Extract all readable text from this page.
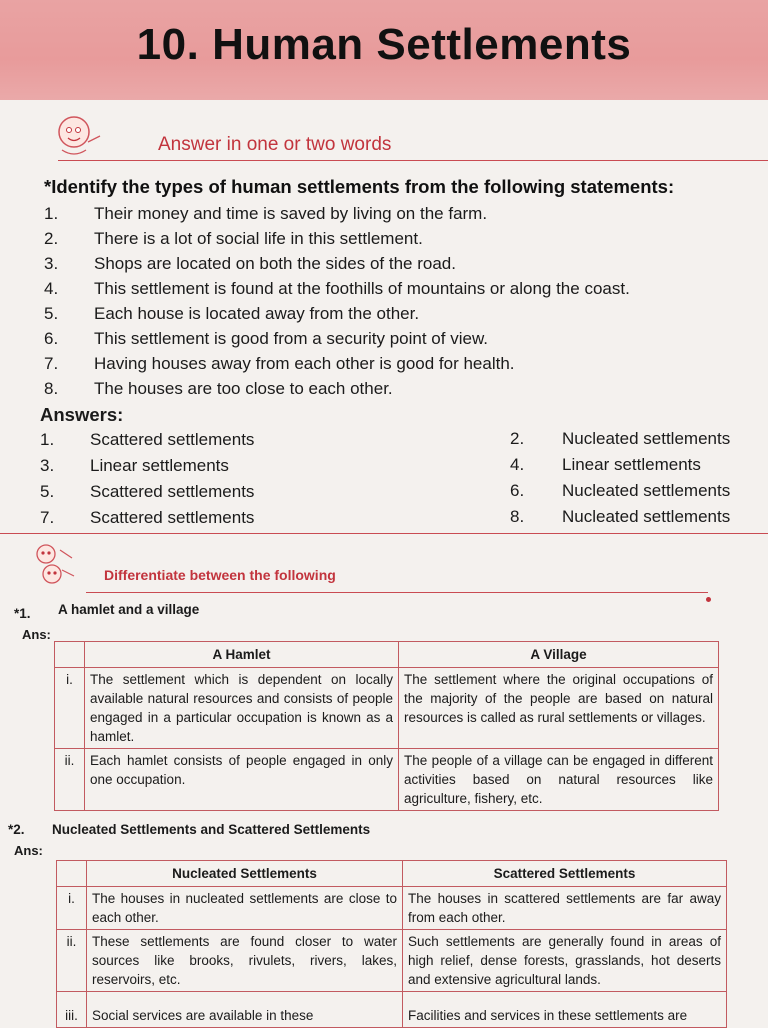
10. Human Settlements
Answer in one or two words
*Identify the types of human settlements from the following statements:
1.	Their money and time is saved by living on the farm.
2.	There is a lot of social life in this settlement.
3.	Shops are located on both the sides of the road.
4.	This settlement is found at the foothills of mountains or along the coast.
5.	Each house is located away from the other.
6.	This settlement is good from a security point of view.
7.	Having houses away from each other is good for health.
8.	The houses are too close to each other.
Answers:
1.	Scattered settlements	2.	Nucleated settlements
3.	Linear settlements	4.	Linear settlements
5.	Scattered settlements	6.	Nucleated settlements
7.	Scattered settlements	8.	Nucleated settlements
Differentiate between the following
*1. A hamlet and a village
Ans:
	A Hamlet	A Village
i.	The settlement which is dependent on locally available natural resources and consists of people engaged in a particular occupation is known as a hamlet.	The settlement where the original occupations of the majority of the people are based on natural resources is called as rural settlements or villages.
ii.	Each hamlet consists of people engaged in only one occupation.	The people of a village can be engaged in different activities based on natural resources like agriculture, fishery, etc.
*2. Nucleated Settlements and Scattered Settlements
Ans:
	Nucleated Settlements	Scattered Settlements
i.	The houses in nucleated settlements are close to each other.	The houses in scattered settlements are far away from each other.
ii.	These settlements are found closer to water sources like brooks, rivulets, rivers, lakes, reservoirs, etc.	Such settlements are generally found in areas of high relief, dense forests, grasslands, hot deserts and extensive agricultural lands.
iii.	Social services are available in these	Facilities and services in these settlements are
